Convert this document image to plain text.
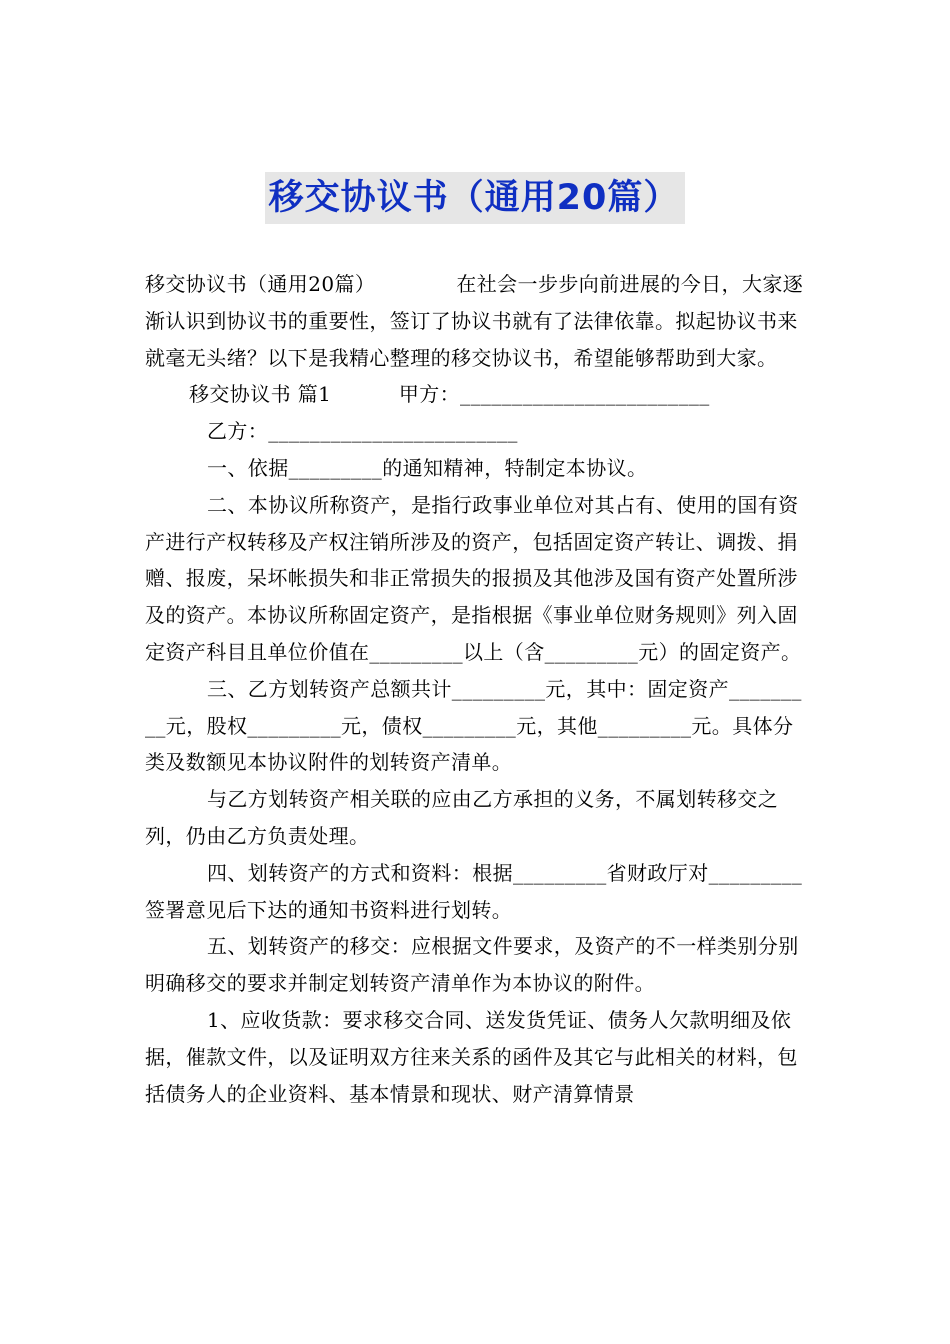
移交协议书（通用20篇）

移交协议书（通用20篇）            在社会一步步向前进展的今日，大家逐渐认识到协议书的重要性，签订了协议书就有了法律依靠。拟起协议书来就毫无头绪？以下是我精心整理的移交协议书，希望能够帮助到大家。

移交协议书 篇1          甲方：________________________

乙方：________________________

一、依据_________的通知精神，特制定本协议。

二、本协议所称资产，是指行政事业单位对其占有、使用的国有资产进行产权转移及产权注销所涉及的资产，包括固定资产转让、调拨、捐赠、报废，呆坏帐损失和非正常损失的报损及其他涉及国有资产处置所涉及的资产。本协议所称固定资产，是指根据《事业单位财务规则》列入固定资产科目且单位价值在_________以上（含_________元）的固定资产。

三、乙方划转资产总额共计_________元，其中：固定资产_________元，股权_________元，债权_________元，其他_________元。具体分类及数额见本协议附件的划转资产清单。

与乙方划转资产相关联的应由乙方承担的义务，不属划转移交之列，仍由乙方负责处理。

四、划转资产的方式和资料：根据_________省财政厅对_________签署意见后下达的通知书资料进行划转。

五、划转资产的移交：应根据文件要求，及资产的不一样类别分别明确移交的要求并制定划转资产清单作为本协议的附件。

1、应收货款：要求移交合同、送发货凭证、债务人欠款明细及依据，催款文件，以及证明双方往来关系的函件及其它与此相关的材料，包括债务人的企业资料、基本情景和现状、财产清算情景
